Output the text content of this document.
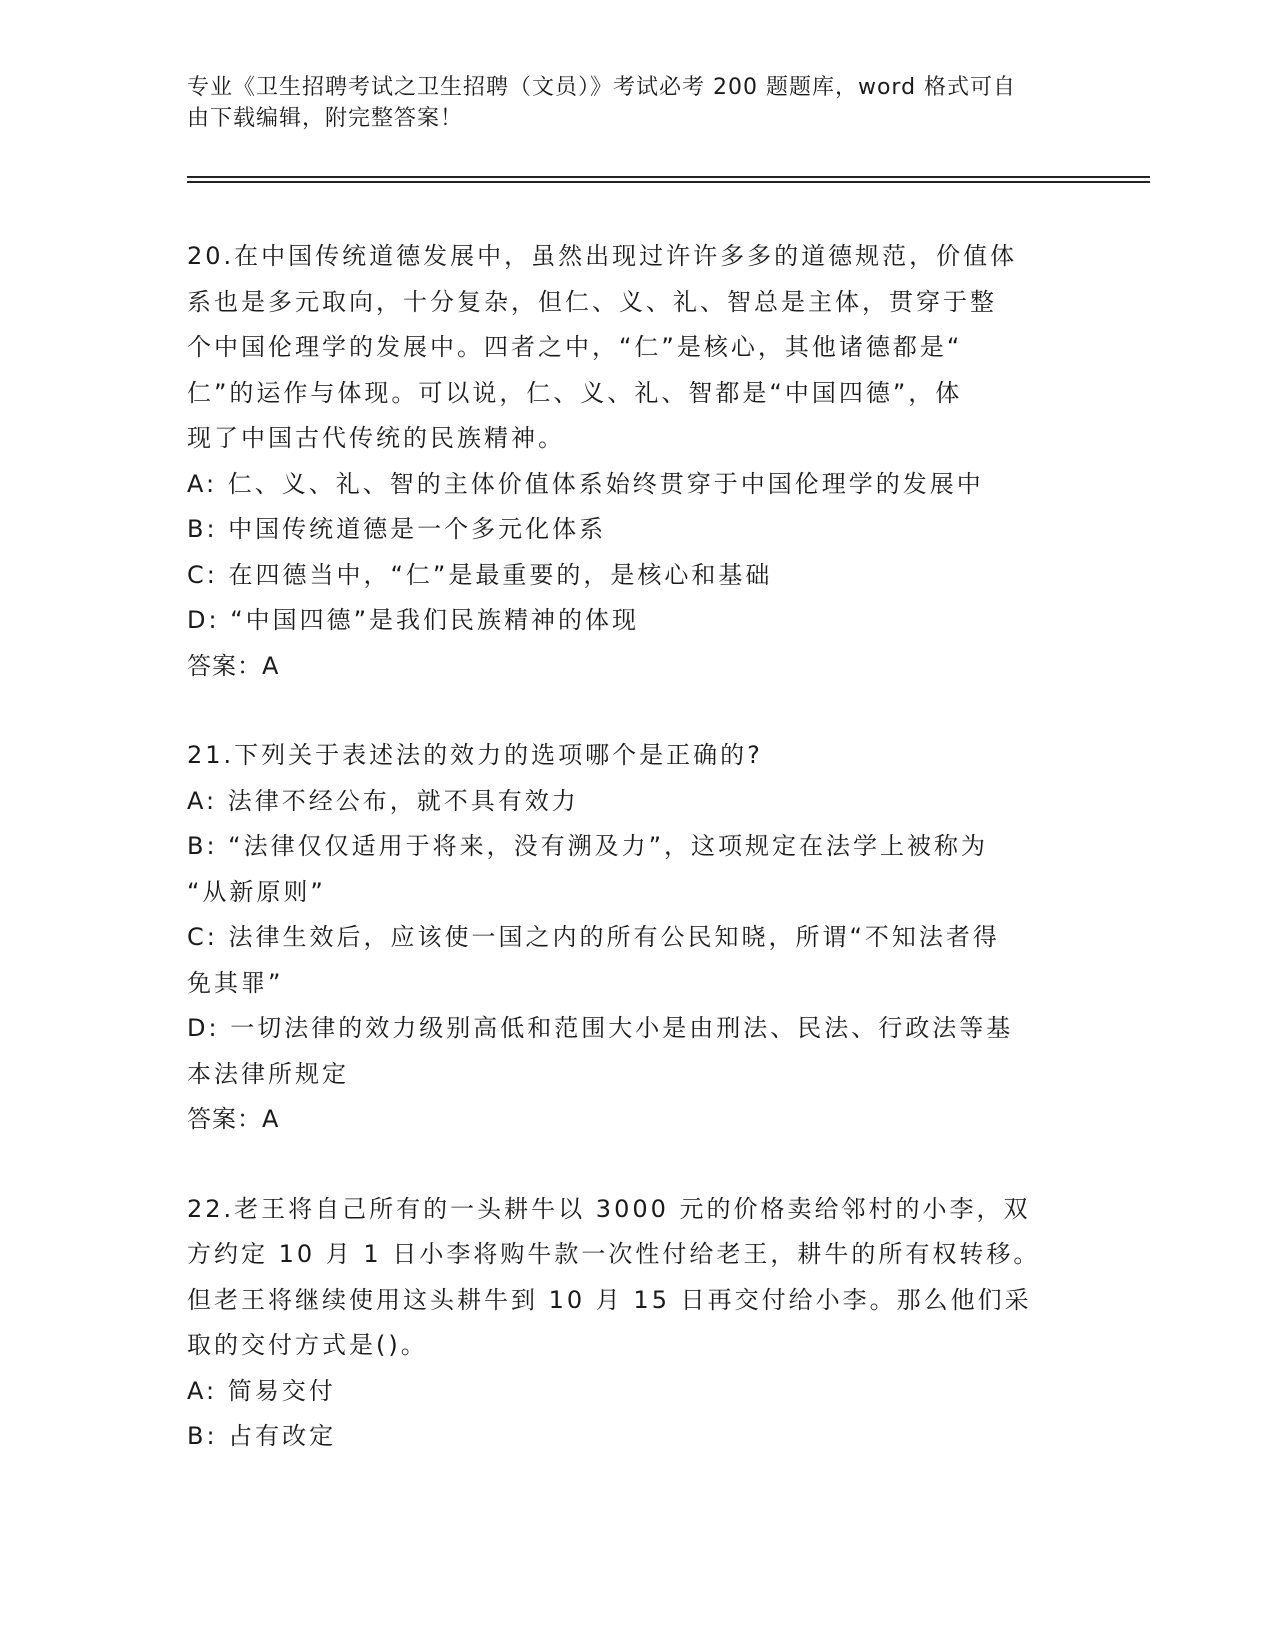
专业《卫生招聘考试之卫生招聘（文员）》考试必考 200 题题库，word 格式可自
由下载编辑，附完整答案！
20.在中国传统道德发展中，虽然出现过许许多多的道德规范，价值体
系也是多元取向，十分复杂，但仁、义、礼、智总是主体，贯穿于整
个中国伦理学的发展中。四者之中，“仁”是核心，其他诸德都是“
仁”的运作与体现。可以说，仁、义、礼、智都是“中国四德”，体
现了中国古代传统的民族精神。
A: 仁、义、礼、智的主体价值体系始终贯穿于中国伦理学的发展中
B: 中国传统道德是一个多元化体系
C: 在四德当中，“仁”是最重要的，是核心和基础
D: “中国四德”是我们民族精神的体现
答案：A
21.下列关于表述法的效力的选项哪个是正确的?
A: 法律不经公布，就不具有效力
B: “法律仅仅适用于将来，没有溯及力”，这项规定在法学上被称为
“从新原则”
C: 法律生效后，应该使一国之内的所有公民知晓，所谓“不知法者得
免其罪”
D: 一切法律的效力级别高低和范围大小是由刑法、民法、行政法等基
本法律所规定
答案：A
22.老王将自己所有的一头耕牛以 3000 元的价格卖给邻村的小李，双
方约定 10 月 1 日小李将购牛款一次性付给老王，耕牛的所有权转移。
但老王将继续使用这头耕牛到 10 月 15 日再交付给小李。那么他们采
取的交付方式是()。
A: 简易交付
B: 占有改定
